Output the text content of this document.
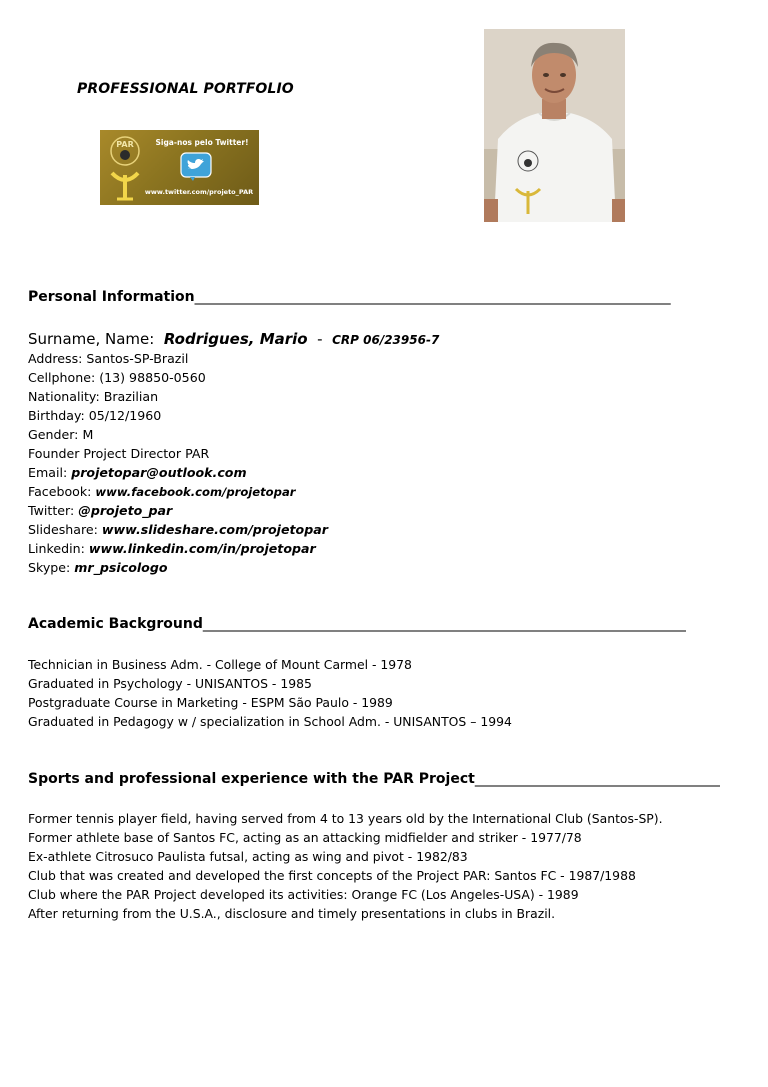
PROFESSIONAL PORTFOLIO
PAR	Siga-nos pelo Twitter!
www.twitter.com/projeto_PAR
Personal Information____________________________________________________________________
Surname, Name: Rodrigues, Mario - CRP 06/23956-7
Address: Santos-SP-Brazil
Cellphone: (13) 98850-0560
Nationality: Brazilian
Birthday: 05/12/1960
Gender: M
Founder Project Director PAR
Email: projetopar@outlook.com
Facebook: www.facebook.com/projetopar
Twitter: @projeto_par
Slideshare: www.slideshare.com/projetopar
Linkedin: www.linkedin.com/in/projetopar
Skype: mr_psicologo
Academic Background_____________________________________________________________________
Technician in Business Adm. - College of Mount Carmel - 1978
Graduated in Psychology - UNISANTOS - 1985
Postgraduate Course in Marketing - ESPM São Paulo - 1989
Graduated in Pedagogy w / specialization in School Adm. - UNISANTOS – 1994
Sports and professional experience with the PAR Project___________________________________
Former tennis player field, having served from 4 to 13 years old by the International Club (Santos-SP).
Former athlete base of Santos FC, acting as an attacking midfielder and striker - 1977/78
Ex-athlete Citrosuco Paulista futsal, acting as wing and pivot - 1982/83
Club that was created and developed the first concepts of the Project PAR: Santos FC - 1987/1988
Club where the PAR Project developed its activities: Orange FC (Los Angeles-USA) - 1989
After returning from the U.S.A., disclosure and timely presentations in clubs in Brazil.
